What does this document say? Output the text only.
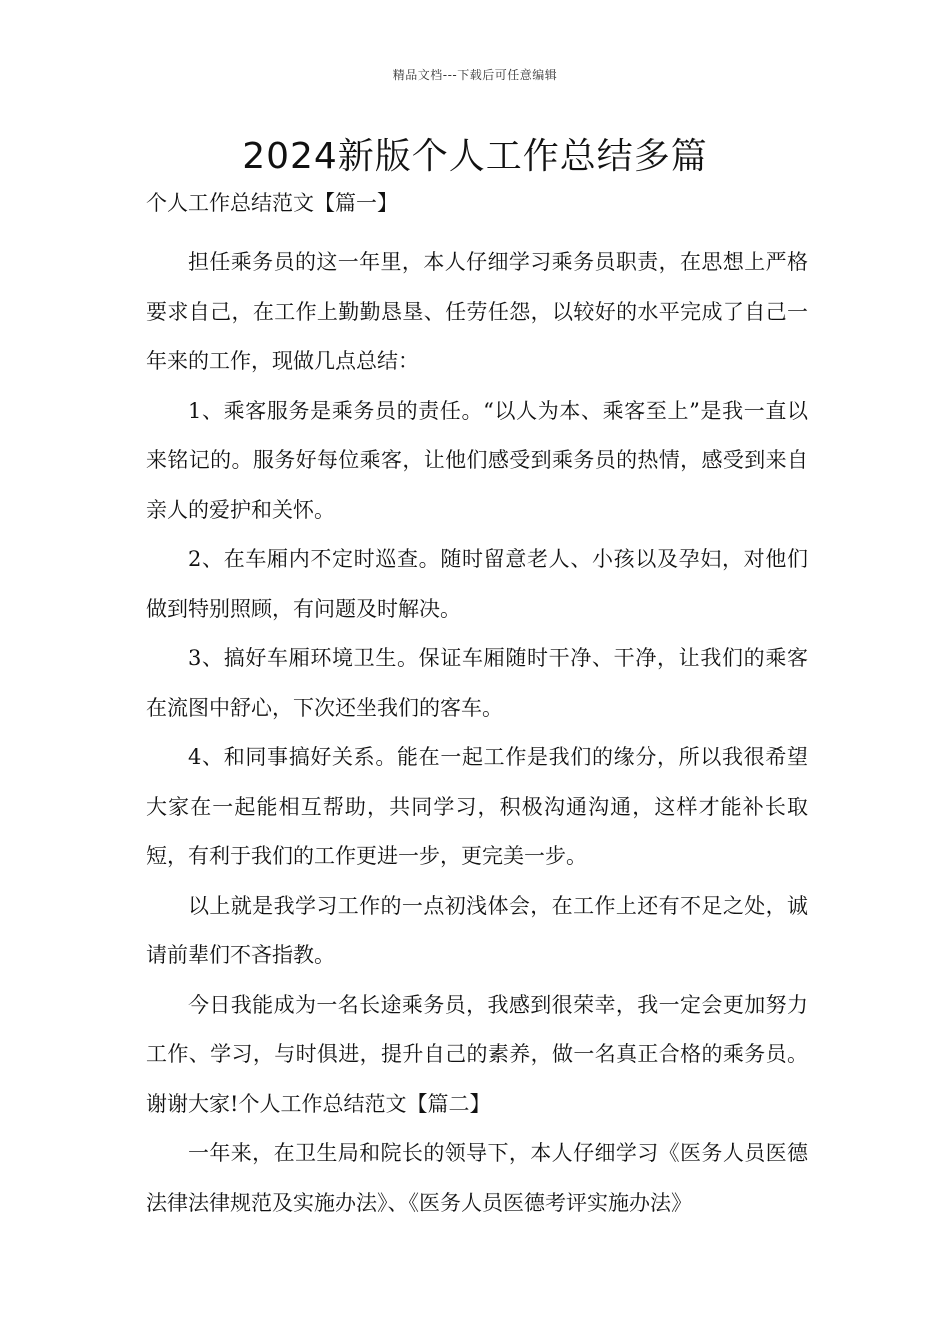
精品文档---下载后可任意编辑
2024新版个人工作总结多篇

个人工作总结范文【篇一】

担任乘务员的这一年里，本人仔细学习乘务员职责，在思想上严格要求自己，在工作上勤勤恳垦、任劳任怨，以较好的水平完成了自己一年来的工作，现做几点总结：

1、乘客服务是乘务员的责任。“以人为本、乘客至上”是我一直以来铭记的。服务好每位乘客，让他们感受到乘务员的热情，感受到来自亲人的爱护和关怀。

2、在车厢内不定时巡查。随时留意老人、小孩以及孕妇，对他们做到特别照顾，有问题及时解决。

3、搞好车厢环境卫生。保证车厢随时干净、干净，让我们的乘客在流图中舒心，下次还坐我们的客车。

4、和同事搞好关系。能在一起工作是我们的缘分，所以我很希望大家在一起能相互帮助，共同学习，积极沟通沟通，这样才能补长取短，有利于我们的工作更进一步，更完美一步。

以上就是我学习工作的一点初浅体会，在工作上还有不足之处，诚请前辈们不吝指教。

今日我能成为一名长途乘务员，我感到很荣幸，我一定会更加努力工作、学习，与时俱进，提升自己的素养，做一名真正合格的乘务员。谢谢大家!个人工作总结范文【篇二】

一年来，在卫生局和院长的领导下，本人仔细学习《医务人员医德法律法律规范及实施办法》、《医务人员医德考评实施办法》
